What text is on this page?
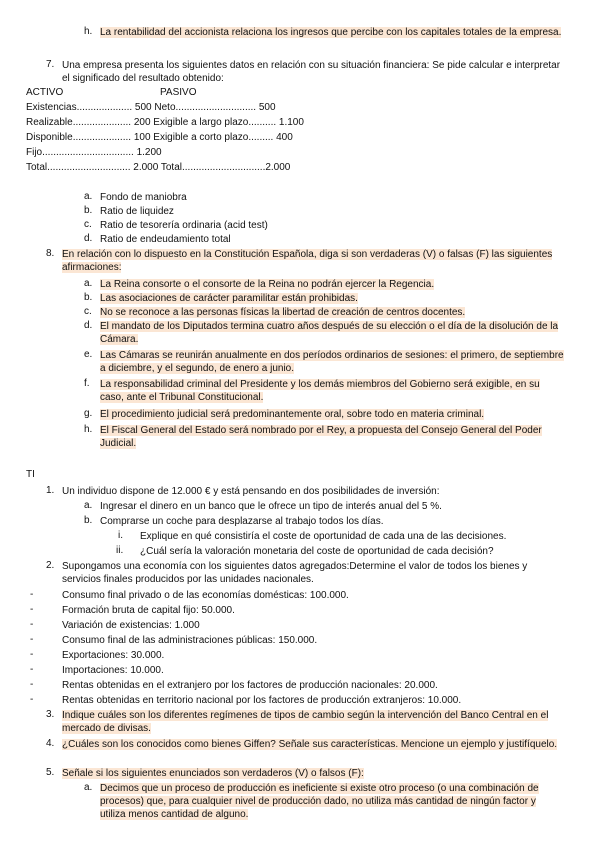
h. La rentabilidad del accionista relaciona los ingresos que percibe con los capitales totales de la empresa.
7. Una empresa presenta los siguientes datos en relación con su situación financiera: Se pide calcular e interpretar el significado del resultado obtenido:
ACTIVO	PASIVO
Existencias.................... 500 Neto............................. 500
Realizable..................... 200 Exigible a largo plazo.......... 1.100
Disponible..................... 100 Exigible a corto plazo......... 400
Fijo................................. 1.200
Total.............................. 2.000 Total..............................2.000
a. Fondo de maniobra
b. Ratio de liquidez
c. Ratio de tesorería ordinaria (acid test)
d. Ratio de endeudamiento total
8. En relación con lo dispuesto en la Constitución Española, diga si son verdaderas (V) o falsas (F) las siguientes afirmaciones:
a. La Reina consorte o el consorte de la Reina no podrán ejercer la Regencia.
b. Las asociaciones de carácter paramilitar están prohibidas.
c. No se reconoce a las personas físicas la libertad de creación de centros docentes.
d. El mandato de los Diputados termina cuatro años después de su elección o el día de la disolución de la Cámara.
e. Las Cámaras se reunirán anualmente en dos períodos ordinarios de sesiones: el primero, de septiembre a diciembre, y el segundo, de enero a junio.
f. La responsabilidad criminal del Presidente y los demás miembros del Gobierno será exigible, en su caso, ante el Tribunal Constitucional.
g. El procedimiento judicial será predominantemente oral, sobre todo en materia criminal.
h. El Fiscal General del Estado será nombrado por el Rey, a propuesta del Consejo General del Poder Judicial.
TI
1. Un individuo dispone de 12.000 € y está pensando en dos posibilidades de inversión:
a. Ingresar el dinero en un banco que le ofrece un tipo de interés anual del 5 %.
b. Comprarse un coche para desplazarse al trabajo todos los días.
i. Explique en qué consistiría el coste de oportunidad de cada una de las decisiones.
ii. ¿Cuál sería la valoración monetaria del coste de oportunidad de cada decisión?
2. Supongamos una economía con los siguientes datos agregados:Determine el valor de todos los bienes y servicios finales producidos por las unidades nacionales.
-	Consumo final privado o de las economías domésticas: 100.000.
-	Formación bruta de capital fijo: 50.000.
-	Variación de existencias: 1.000
-	Consumo final de las administraciones públicas: 150.000.
-	Exportaciones: 30.000.
-	Importaciones: 10.000.
-	Rentas obtenidas en el extranjero por los factores de producción nacionales: 20.000.
-	Rentas obtenidas en territorio nacional por los factores de producción extranjeros: 10.000.
3. Indique cuáles son los diferentes regímenes de tipos de cambio según la intervención del Banco Central en el mercado de divisas.
4. ¿Cuáles son los conocidos como bienes Giffen? Señale sus características. Mencione un ejemplo y justifíquelo.
5. Señale si los siguientes enunciados son verdaderos (V) o falsos (F):
a. Decimos que un proceso de producción es ineficiente si existe otro proceso (o una combinación de procesos) que, para cualquier nivel de producción dado, no utiliza más cantidad de ningún factor y utiliza menos cantidad de alguno.
